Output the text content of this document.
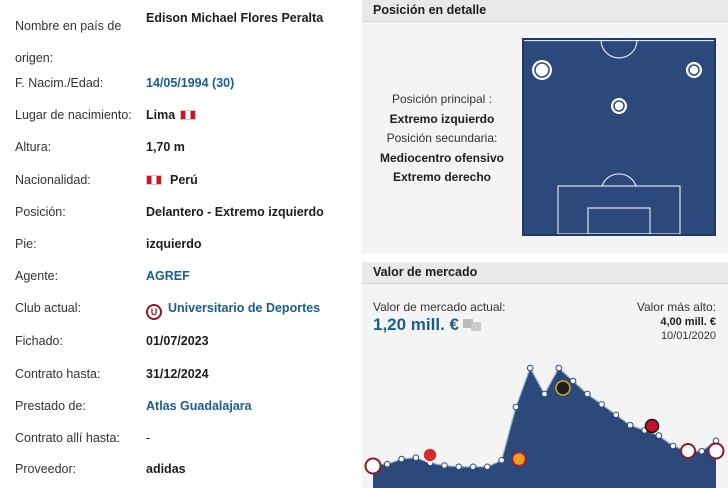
Nombre en país de origen:
Edison Michael Flores Peralta
F. Nacim./Edad:	14/05/1994 (30)
Lugar de nacimiento: Lima
Altura:	1,70 m
Nacionalidad:	Perú
Posición:	Delantero - Extremo izquierdo
Pie:	izquierdo
Agente:	AGREF
Club actual:	U Universitario de Deportes
Fichado:	01/07/2023
Contrato hasta:	31/12/2024
Prestado de:	Atlas Guadalajara
Contrato allí hasta: -
Proveedor:	adidas
Posición en detalle
Posición principal :
Extremo izquierdo
Posición secundaria:
Mediocentro ofensivo
Extremo derecho
Valor de mercado
Valor de mercado actual:
1,20 mill. €
Valor más alto:
4,00 mill. €
10/01/2020
